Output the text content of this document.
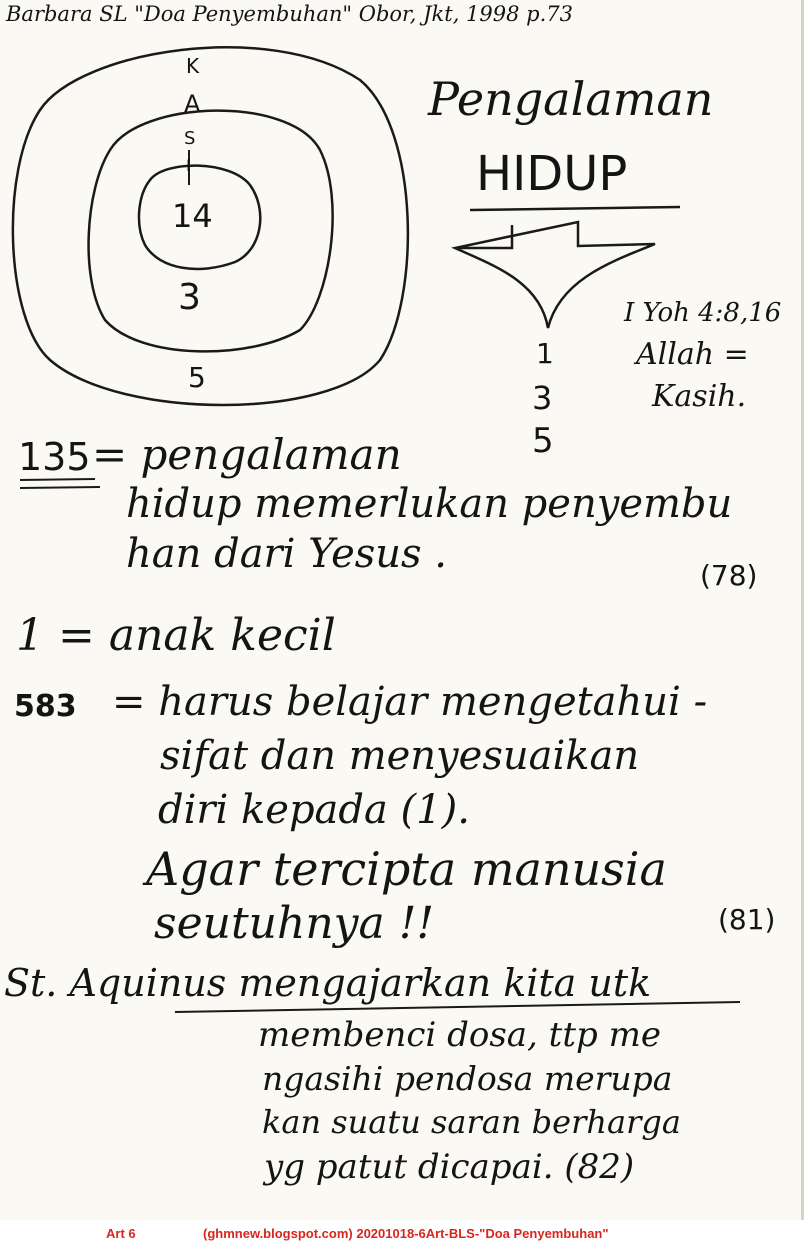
Barbara SL "Doa Penyembuhan" Obor, Jkt, 1998 p.73
K
A
S
I
14
3
5
Pengalaman
HIDUP
1
3
5
I Yoh 4:8,16
Allah =
Kasih.
135 = pengalaman
hidup memerlukan penyembu
han dari Yesus .	(78)
1 = anak kecil
583 = harus belajar mengetahui -
sifat dan menyesuaikan
diri kepada (1).
Agar tercipta manusia
seutuhnya !!	(81)
St. Aquinus mengajarkan kita utk
membenci dosa, ttp me
ngasihi pendosa merupa
kan suatu saran berharga
yg patut dicapai. (82)
Art 6	(ghmnew.blogspot.com) 20201018-6Art-BLS-"Doa Penyembuhan"
